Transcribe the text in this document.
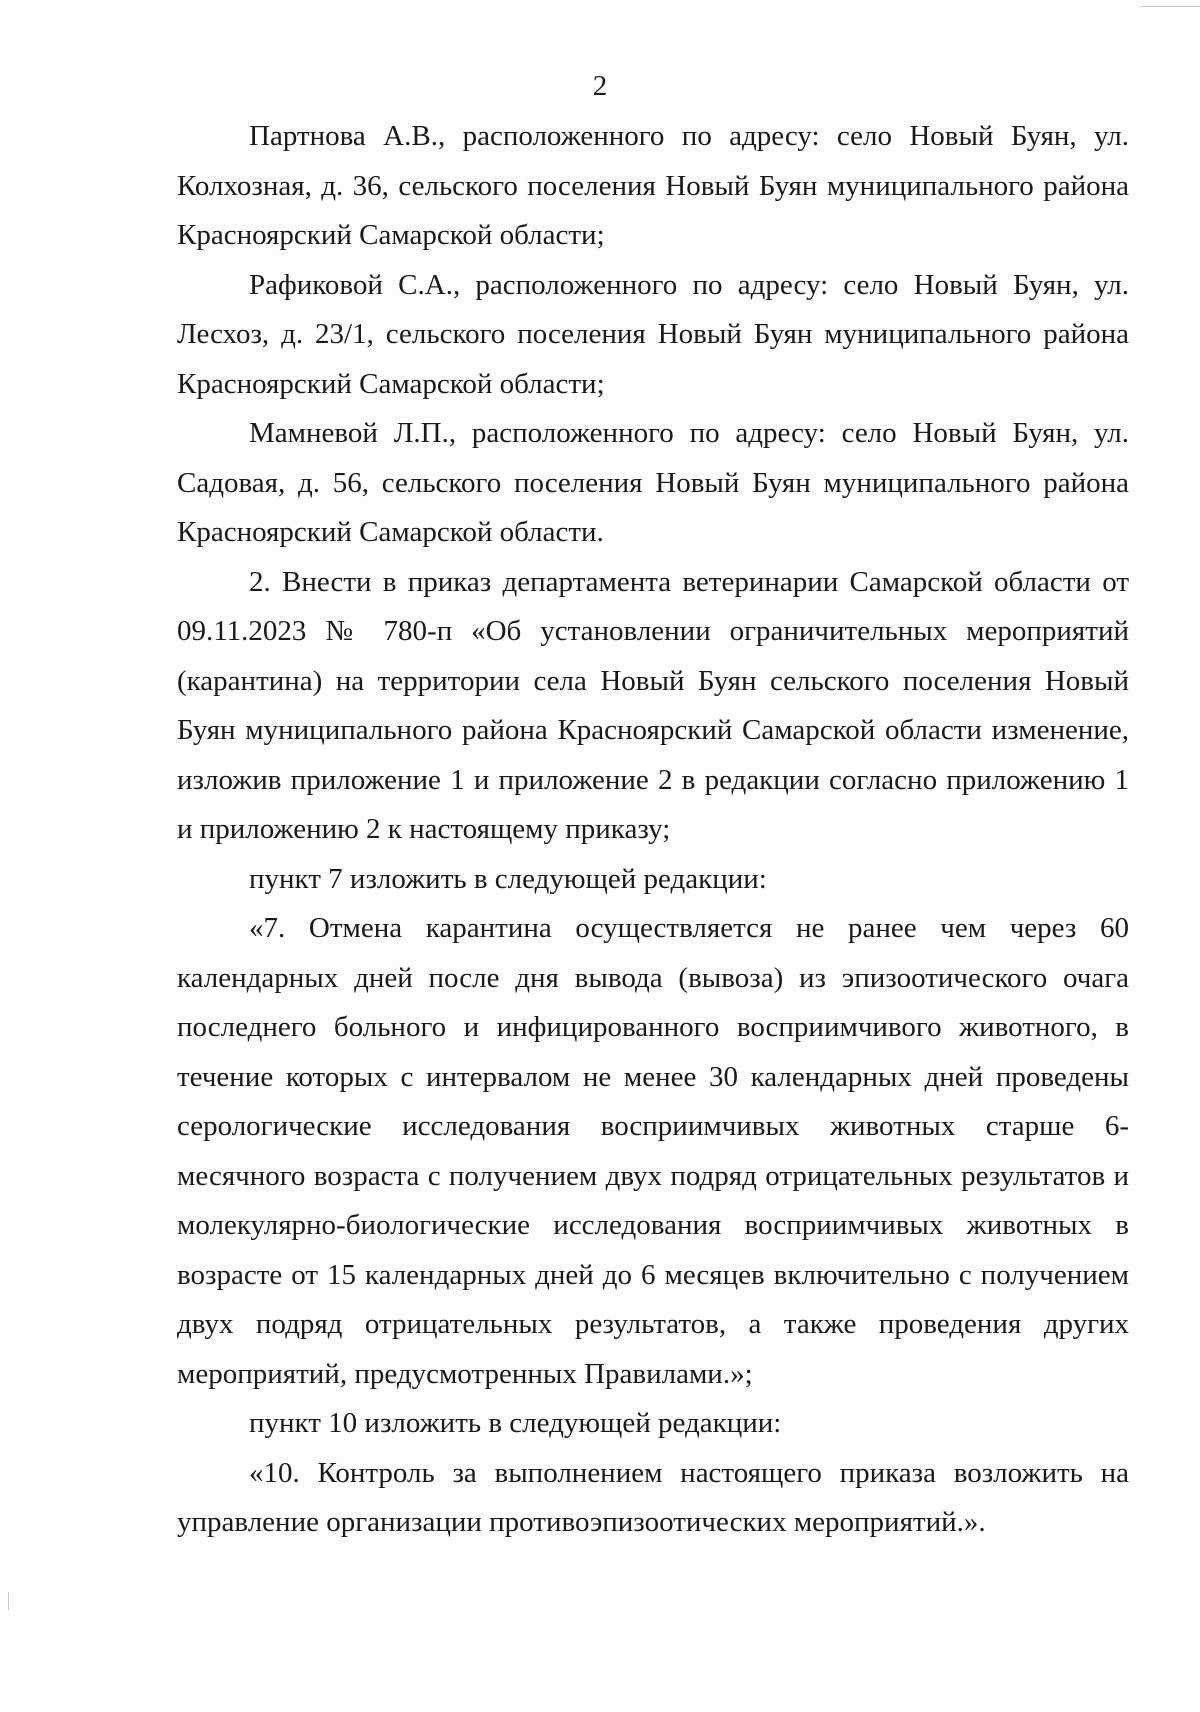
2

Партнова А.В., расположенного по адресу: село Новый Буян, ул. Колхозная, д. 36, сельского поселения Новый Буян муниципального района Красноярский Самарской области;

Рафиковой С.А., расположенного по адресу: село Новый Буян, ул. Лесхоз, д. 23/1, сельского поселения Новый Буян муниципального района Красноярский Самарской области;

Мамневой Л.П., расположенного по адресу: село Новый Буян, ул. Садовая, д. 56, сельского поселения Новый Буян муниципального района Красноярский Самарской области.

2. Внести в приказ департамента ветеринарии Самарской области от 09.11.2023 № 780-п «Об установлении ограничительных мероприятий (карантина) на территории села Новый Буян сельского поселения Новый Буян муниципального района Красноярский Самарской области изменение, изложив приложение 1 и приложение 2 в редакции согласно приложению 1 и приложению 2 к настоящему приказу;

пункт 7 изложить в следующей редакции:

«7. Отмена карантина осуществляется не ранее чем через 60 календарных дней после дня вывода (вывоза) из эпизоотического очага последнего больного и инфицированного восприимчивого животного, в течение которых с интервалом не менее 30 календарных дней проведены серологические исследования восприимчивых животных старше 6-месячного возраста с получением двух подряд отрицательных результатов и молекулярно-биологические исследования восприимчивых животных в возрасте от 15 календарных дней до 6 месяцев включительно с получением двух подряд отрицательных результатов, а также проведения других мероприятий, предусмотренных Правилами.»;

пункт 10 изложить в следующей редакции:

«10. Контроль за выполнением настоящего приказа возложить на управление организации противоэпизоотических мероприятий.».
